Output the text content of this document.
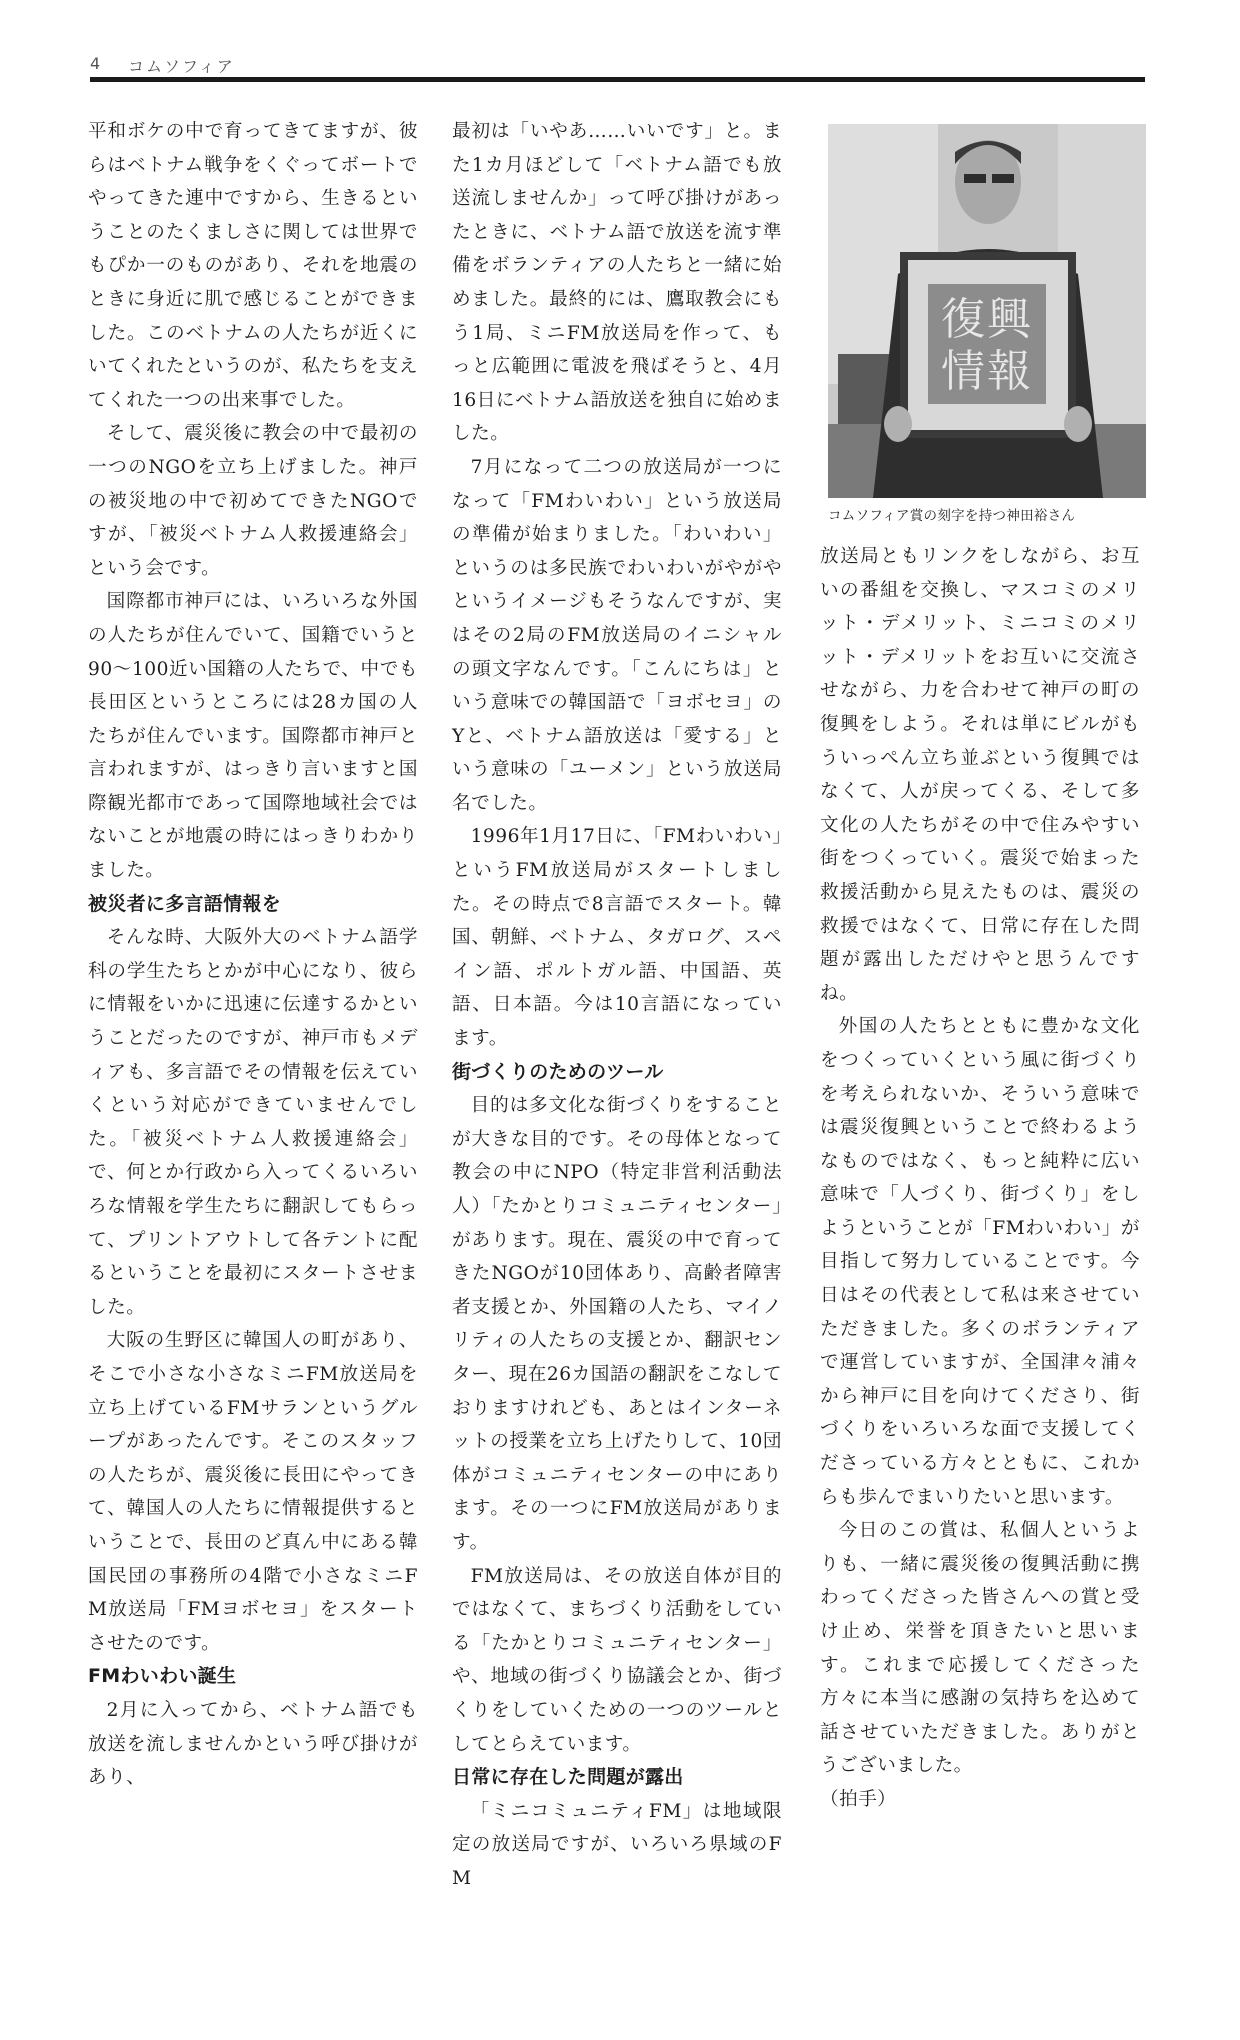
4 コムソフィア

平和ボケの中で育ってきてますが、彼らはベトナム戦争をくぐってボートでやってきた連中ですから、生きるということのたくましさに関しては世界でもぴか一のものがあり、それを地震のときに身近に肌で感じることができました。このベトナムの人たちが近くにいてくれたというのが、私たちを支えてくれた一つの出来事でした。

そして、震災後に教会の中で最初の一つのNGOを立ち上げました。神戸の被災地の中で初めてできたNGOですが、「被災ベトナム人救援連絡会」という会です。

国際都市神戸には、いろいろな外国の人たちが住んでいて、国籍でいうと90〜100近い国籍の人たちで、中でも長田区というところには28カ国の人たちが住んでいます。国際都市神戸と言われますが、はっきり言いますと国際観光都市であって国際地域社会ではないことが地震の時にはっきりわかりました。

被災者に多言語情報を

そんな時、大阪外大のベトナム語学科の学生たちとかが中心になり、彼らに情報をいかに迅速に伝達するかということだったのですが、神戸市もメディアも、多言語でその情報を伝えていくという対応ができていませんでした。「被災ベトナム人救援連絡会」で、何とか行政から入ってくるいろいろな情報を学生たちに翻訳してもらって、プリントアウトして各テントに配るということを最初にスタートさせました。

大阪の生野区に韓国人の町があり、そこで小さな小さなミニFM放送局を立ち上げているFMサランというグループがあったんです。そこのスタッフの人たちが、震災後に長田にやってきて、韓国人の人たちに情報提供するということで、長田のど真ん中にある韓国民団の事務所の4階で小さなミニFM放送局「FMヨボセヨ」をスタートさせたのです。

FMわいわい誕生

2月に入ってから、ベトナム語でも放送を流しませんかという呼び掛けがあり、

最初は「いやあ……いいです」と。また1カ月ほどして「ベトナム語でも放送流しませんか」って呼び掛けがあったときに、ベトナム語で放送を流す準備をボランティアの人たちと一緒に始めました。最終的には、鷹取教会にもう1局、ミニFM放送局を作って、もっと広範囲に電波を飛ばそうと、4月16日にベトナム語放送を独自に始めました。

7月になって二つの放送局が一つになって「FMわいわい」という放送局の準備が始まりました。「わいわい」というのは多民族でわいわいがやがやというイメージもそうなんですが、実はその2局のFM放送局のイニシャルの頭文字なんです。「こんにちは」という意味での韓国語で「ヨボセヨ」のYと、ベトナム語放送は「愛する」という意味の「ユーメン」という放送局名でした。

1996年1月17日に、「FMわいわい」というFM放送局がスタートしました。その時点で8言語でスタート。韓国、朝鮮、ベトナム、タガログ、スペイン語、ポルトガル語、中国語、英語、日本語。今は10言語になっています。

街づくりのためのツール

目的は多文化な街づくりをすることが大きな目的です。その母体となって教会の中にNPO（特定非営利活動法人）「たかとりコミュニティセンター」があります。現在、震災の中で育ってきたNGOが10団体あり、高齢者障害者支援とか、外国籍の人たち、マイノリティの人たちの支援とか、翻訳センター、現在26カ国語の翻訳をこなしておりますけれども、あとはインターネットの授業を立ち上げたりして、10団体がコミュニティセンターの中にあります。その一つにFM放送局があります。

FM放送局は、その放送自体が目的ではなくて、まちづくり活動をしている「たかとりコミュニティセンター」や、地域の街づくり協議会とか、街づくりをしていくための一つのツールとしてとらえています。

日常に存在した問題が露出

「ミニコミュニティFM」は地域限定の放送局ですが、いろいろ県域のFM

復興
情報
コムソフィア賞の刻字を持つ神田裕さん

放送局ともリンクをしながら、お互いの番組を交換し、マスコミのメリット・デメリット、ミニコミのメリット・デメリットをお互いに交流させながら、力を合わせて神戸の町の復興をしよう。それは単にビルがもういっぺん立ち並ぶという復興ではなくて、人が戻ってくる、そして多文化の人たちがその中で住みやすい街をつくっていく。震災で始まった救援活動から見えたものは、震災の救援ではなくて、日常に存在した問題が露出しただけやと思うんですね。

外国の人たちとともに豊かな文化をつくっていくという風に街づくりを考えられないか、そういう意味では震災復興ということで終わるようなものではなく、もっと純粋に広い意味で「人づくり、街づくり」をしようということが「FMわいわい」が目指して努力していることです。今日はその代表として私は来させていただきました。多くのボランティアで運営していますが、全国津々浦々から神戸に目を向けてくださり、街づくりをいろいろな面で支援してくださっている方々とともに、これからも歩んでまいりたいと思います。

今日のこの賞は、私個人というよりも、一緒に震災後の復興活動に携わってくださった皆さんへの賞と受け止め、栄誉を頂きたいと思います。これまで応援してくださった方々に本当に感謝の気持ちを込めて話させていただきました。ありがとうございました。

（拍手）
